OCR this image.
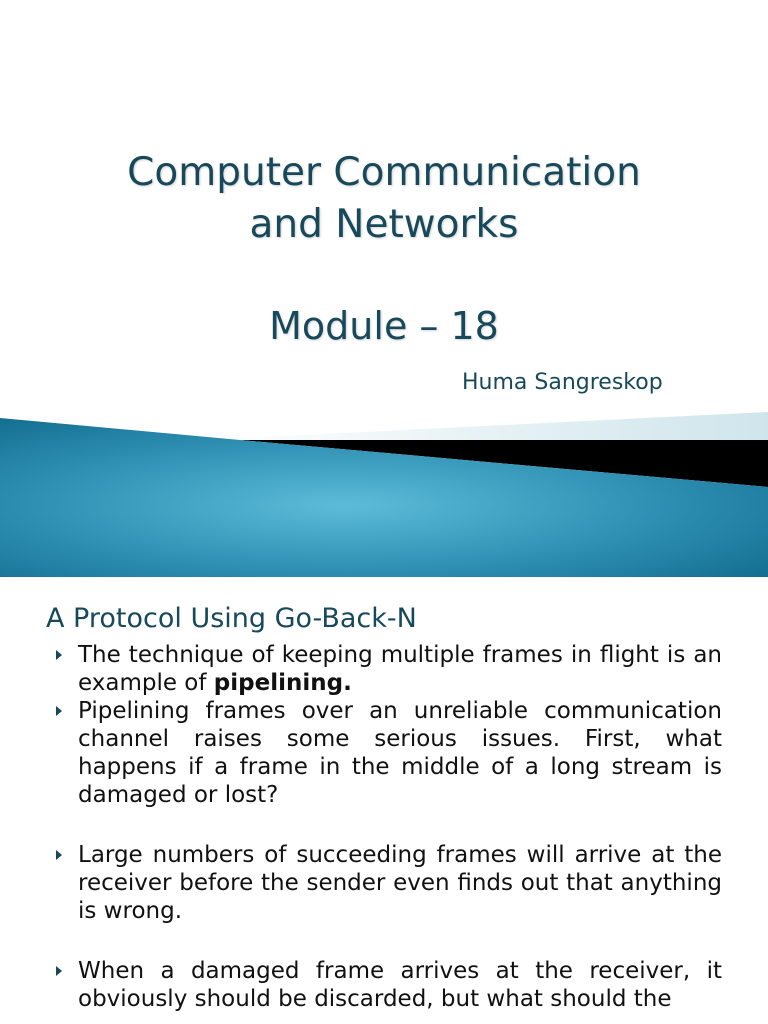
Computer Communication
and Networks
Module – 18
Huma Sangreskop
A Protocol Using Go-Back-N
The technique of keeping multiple frames in flight is an example of pipelining.
Pipelining frames over an unreliable communication channel raises some serious issues. First, what happens if a frame in the middle of a long stream is damaged or lost?
Large numbers of succeeding frames will arrive at the receiver before the sender even finds out that anything is wrong.
When a damaged frame arrives at the receiver, it obviously should be discarded, but what should the
